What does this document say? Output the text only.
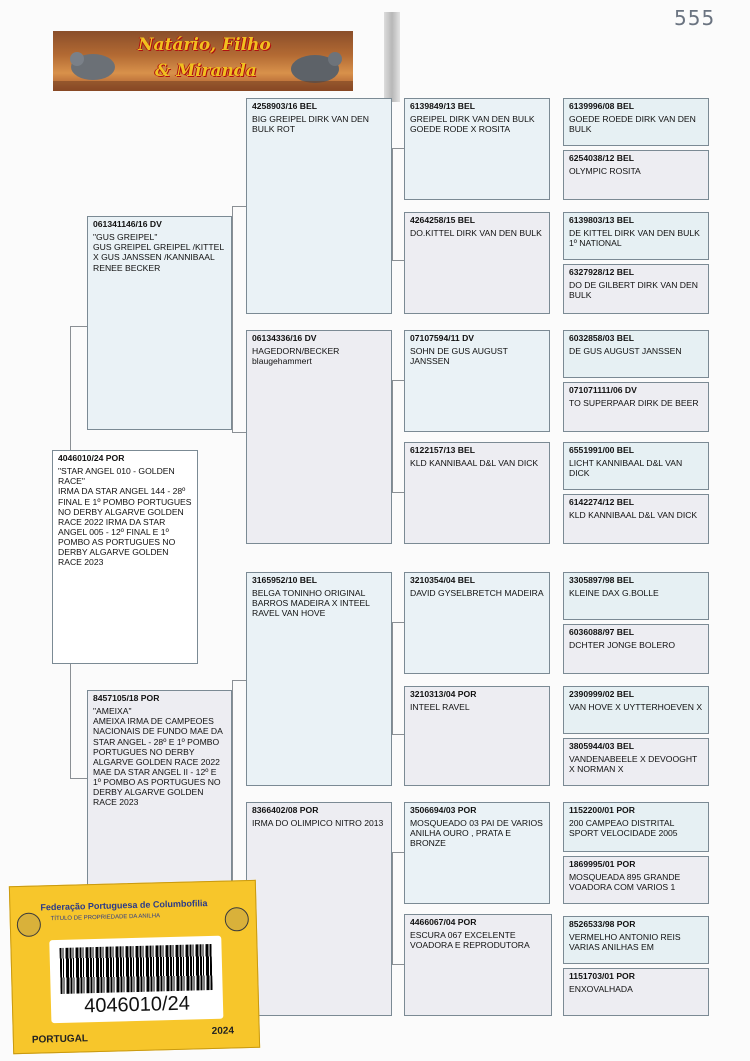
555
Natário, Filho
& Miranda
4046010/24 POR
"STAR ANGEL 010 - GOLDEN RACE"
IRMA DA STAR ANGEL 144 - 28º FINAL E 1º POMBO PORTUGUES NO DERBY ALGARVE GOLDEN RACE 2022 IRMA DA STAR ANGEL 005 - 12º FINAL E 1º POMBO AS PORTUGUES NO DERBY ALGARVE GOLDEN RACE 2023
061341146/16 DV
"GUS GREIPEL"
GUS GREIPEL GREIPEL /KITTEL X GUS JANSSEN /KANNIBAAL RENEE BECKER
8457105/18 POR
"AMEIXA"
AMEIXA IRMA DE CAMPEOES NACIONAIS DE FUNDO MAE DA STAR ANGEL - 28º E 1º POMBO PORTUGUES NO DERBY ALGARVE GOLDEN RACE 2022 MAE DA STAR ANGEL II - 12º E 1º POMBO AS PORTUGUES NO DERBY ALGARVE GOLDEN RACE 2023
4258903/16 BEL
BIG GREIPEL DIRK VAN DEN BULK ROT
06134336/16 DV
HAGEDORN/BECKER
blaugehammert
3165952/10 BEL
BELGA TONINHO ORIGINAL BARROS MADEIRA X INTEEL RAVEL VAN HOVE
8366402/08 POR
IRMA DO OLIMPICO NITRO 2013
6139849/13 BEL
GREIPEL DIRK VAN DEN BULK GOEDE RODE X ROSITA
4264258/15 BEL
DO.KITTEL DIRK VAN DEN BULK
07107594/11 DV
SOHN DE GUS AUGUST JANSSEN
6122157/13 BEL
KLD KANNIBAAL D&L VAN DICK
3210354/04 BEL
DAVID GYSELBRETCH MADEIRA
3210313/04 POR
INTEEL RAVEL
3506694/03 POR
MOSQUEADO 03 PAI DE VARIOS ANILHA OURO , PRATA E BRONZE
4466067/04 POR
ESCURA 067 EXCELENTE VOADORA E REPRODUTORA
6139996/08 BEL
GOEDE ROEDE DIRK VAN DEN BULK
6254038/12 BEL
OLYMPIC ROSITA
6139803/13 BEL
DE KITTEL DIRK VAN DEN BULK 1º NATIONAL
6327928/12 BEL
DO DE GILBERT DIRK VAN DEN BULK
6032858/03 BEL
DE GUS AUGUST JANSSEN
071071111/06 DV
TO SUPERPAAR DIRK DE BEER
6551991/00 BEL
LICHT KANNIBAAL D&L VAN DICK
6142274/12 BEL
KLD KANNIBAAL D&L VAN DICK
3305897/98 BEL
KLEINE DAX G.BOLLE
6036088/97 BEL
DCHTER JONGE BOLERO
2390999/02 BEL
VAN HOVE X UYTTERHOEVEN X
3805944/03 BEL
VANDENABEELE X DEVOOGHT X NORMAN X
1152200/01 POR
200 CAMPEAO DISTRITAL SPORT VELOCIDADE 2005
1869995/01 POR
MOSQUEADA 895 GRANDE VOADORA COM VARIOS 1
8526533/98 POR
VERMELHO ANTONIO REIS VARIAS ANILHAS EM
1151703/01 POR
ENXOVALHADA
Federação Portuguesa de Columbofilia
TÍTULO DE PROPRIEDADE DA ANILHA
4046010/24
PORTUGAL
2024
